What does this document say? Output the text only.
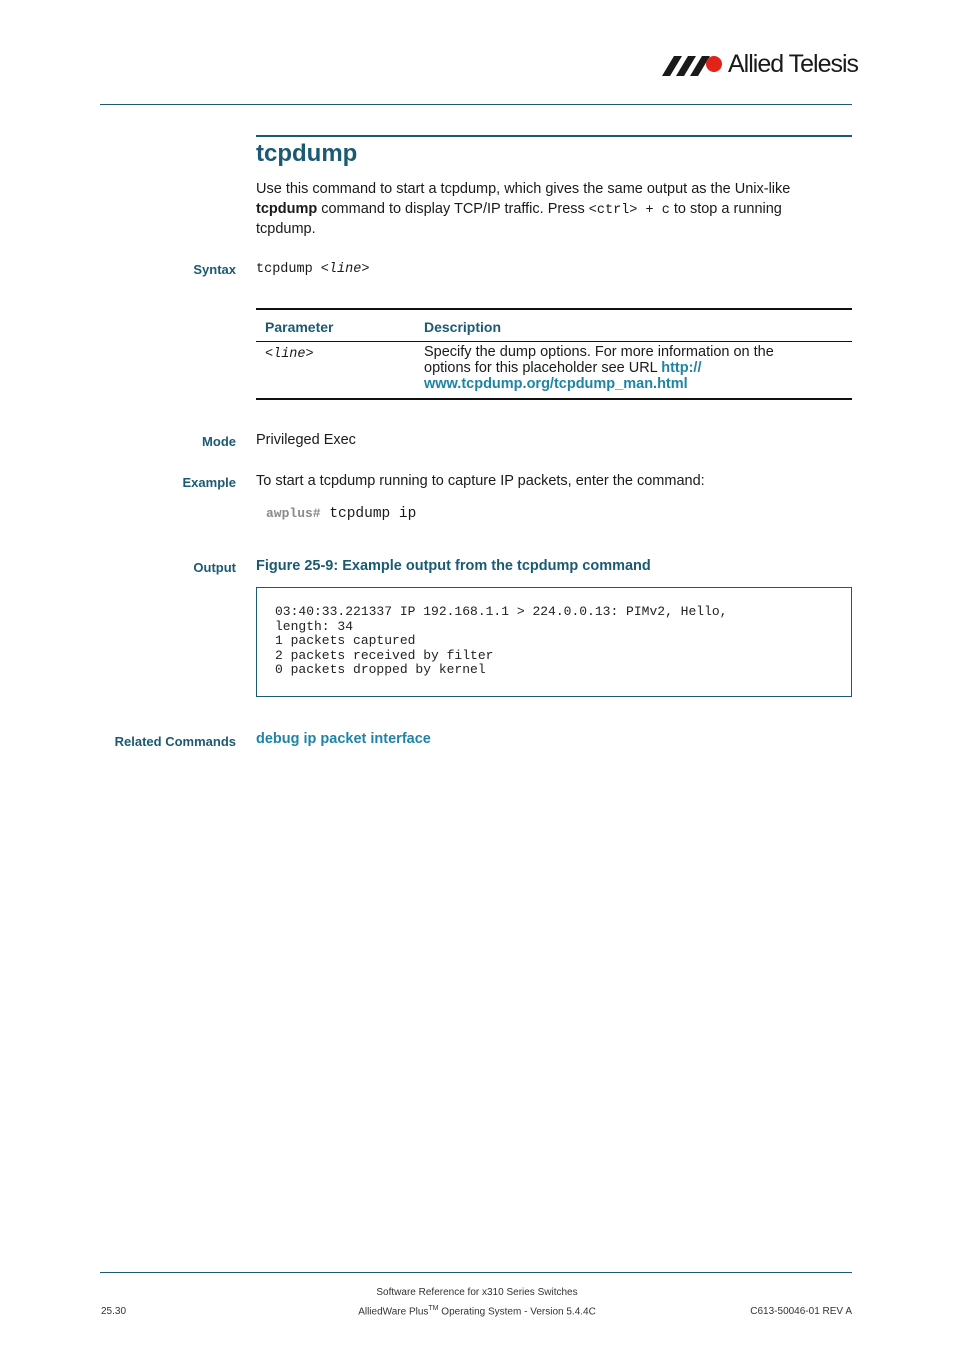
Allied Telesis
tcpdump
Use this command to start a tcpdump, which gives the same output as the Unix-like
tcpdump command to display TCP/IP traffic. Press <ctrl> + c to stop a running
tcpdump.
Syntax tcpdump <line>
Parameter	Description
<line>	Specify the dump options. For more information on the
options for this placeholder see URL http://
www.tcpdump.org/tcpdump_man.html
Mode Privileged Exec
Example To start a tcpdump running to capture IP packets, enter the command:
awplus# tcpdump ip
Output Figure 25-9: Example output from the tcpdump command
03:40:33.221337 IP 192.168.1.1 > 224.0.0.13: PIMv2, Hello,
length: 34
1 packets captured
2 packets received by filter
0 packets dropped by kernel
Related Commands debug ip packet interface
Software Reference for x310 Series Switches
AlliedWare Plus™ Operating System - Version 5.4.4C
25.30	C613-50046-01 REV A
